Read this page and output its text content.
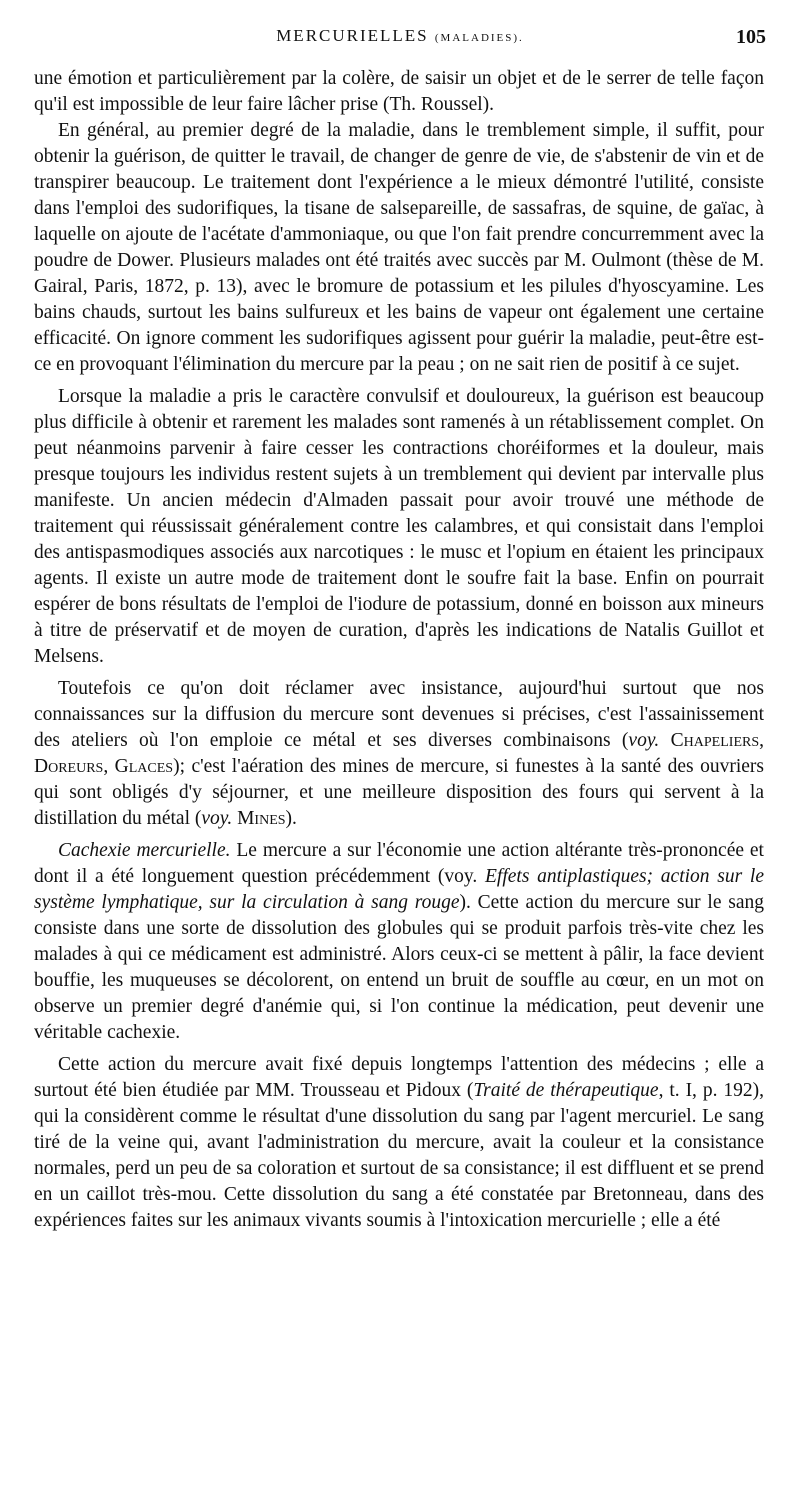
MERCURIELLES (MALADIES).	105

une émotion et particulièrement par la colère, de saisir un objet et de le serrer de telle façon qu'il est impossible de leur faire lâcher prise (Th. Roussel).

En général, au premier degré de la maladie, dans le tremblement simple, il suffit, pour obtenir la guérison, de quitter le travail, de changer de genre de vie, de s'abstenir de vin et de transpirer beaucoup. Le traitement dont l'expérience a le mieux démontré l'utilité, consiste dans l'emploi des sudorifiques, la tisane de salsepareille, de sassafras, de squine, de gaïac, à laquelle on ajoute de l'acétate d'ammoniaque, ou que l'on fait prendre concurremment avec la poudre de Dower. Plusieurs malades ont été traités avec succès par M. Oulmont (thèse de M. Gairal, Paris, 1872, p. 13), avec le bromure de potassium et les pilules d'hyoscyamine. Les bains chauds, surtout les bains sulfureux et les bains de vapeur ont également une certaine efficacité. On ignore comment les sudorifiques agissent pour guérir la maladie, peut-être est-ce en provoquant l'élimination du mercure par la peau ; on ne sait rien de positif à ce sujet.

Lorsque la maladie a pris le caractère convulsif et douloureux, la guérison est beaucoup plus difficile à obtenir et rarement les malades sont ramenés à un rétablissement complet. On peut néanmoins parvenir à faire cesser les contractions choréiformes et la douleur, mais presque toujours les individus restent sujets à un tremblement qui devient par intervalle plus manifeste. Un ancien médecin d'Almaden passait pour avoir trouvé une méthode de traitement qui réussissait généralement contre les calambres, et qui consistait dans l'emploi des antispasmodiques associés aux narcotiques : le musc et l'opium en étaient les principaux agents. Il existe un autre mode de traitement dont le soufre fait la base. Enfin on pourrait espérer de bons résultats de l'emploi de l'iodure de potassium, donné en boisson aux mineurs à titre de préservatif et de moyen de curation, d'après les indications de Natalis Guillot et Melsens.

Toutefois ce qu'on doit réclamer avec insistance, aujourd'hui surtout que nos connaissances sur la diffusion du mercure sont devenues si précises, c'est l'assainissement des ateliers où l'on emploie ce métal et ses diverses combinaisons (voy. Chapeliers, Doreurs, Glaces); c'est l'aération des mines de mercure, si funestes à la santé des ouvriers qui sont obligés d'y séjourner, et une meilleure disposition des fours qui servent à la distillation du métal (voy. Mines).

Cachexie mercurielle. Le mercure a sur l'économie une action altérante très-prononcée et dont il a été longuement question précédemment (voy. Effets antiplastiques; action sur le système lymphatique, sur la circulation à sang rouge). Cette action du mercure sur le sang consiste dans une sorte de dissolution des globules qui se produit parfois très-vite chez les malades à qui ce médicament est administré. Alors ceux-ci se mettent à pâlir, la face devient bouffie, les muqueuses se décolorent, on entend un bruit de souffle au cœur, en un mot on observe un premier degré d'anémie qui, si l'on continue la médication, peut devenir une véritable cachexie.

Cette action du mercure avait fixé depuis longtemps l'attention des médecins ; elle a surtout été bien étudiée par MM. Trousseau et Pidoux (Traité de thérapeutique, t. I, p. 192), qui la considèrent comme le résultat d'une dissolution du sang par l'agent mercuriel. Le sang tiré de la veine qui, avant l'administration du mercure, avait la couleur et la consistance normales, perd un peu de sa coloration et surtout de sa consistance; il est diffluent et se prend en un caillot très-mou. Cette dissolution du sang a été constatée par Bretonneau, dans des expériences faites sur les animaux vivants soumis à l'intoxication mercurielle ; elle a été
